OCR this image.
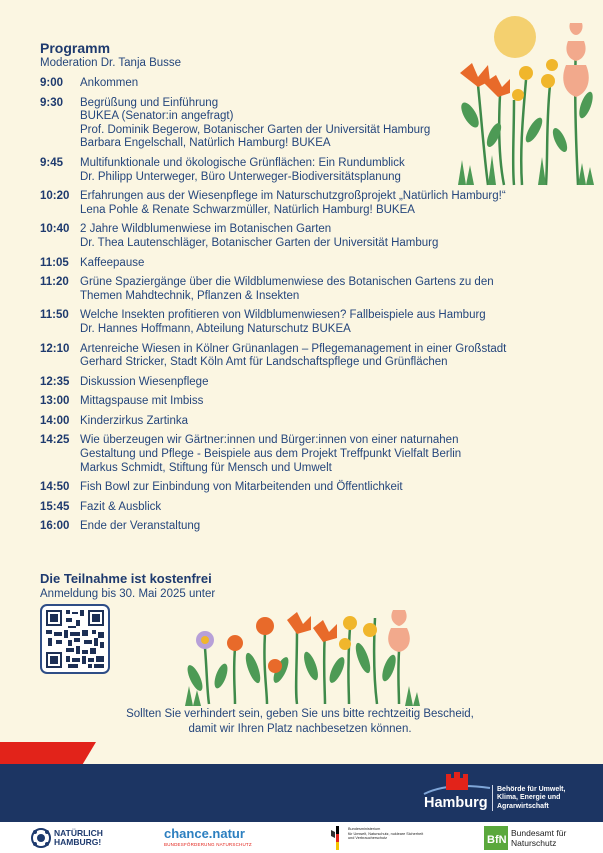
Programm
Moderation Dr. Tanja Busse
9:00	Ankommen
9:30	Begrüßung und Einführung
BUKEA (Senator:in angefragt)
Prof. Dominik Begerow, Botanischer Garten der Universität Hamburg
Barbara Engelschall, Natürlich Hamburg! BUKEA
9:45	Multifunktionale und ökologische Grünflächen: Ein Rundumblick
Dr. Philipp Unterweger, Büro Unterweger-Biodiversitätsplanung
10:20 Erfahrungen aus der Wiesenpflege im Naturschutzgroßprojekt „Natürlich Hamburg!“
Lena Pohle & Renate Schwarzmüller, Natürlich Hamburg! BUKEA
10:40 2 Jahre Wildblumenwiese im Botanischen Garten
Dr. Thea Lautenschläger, Botanischer Garten der Universität Hamburg
11:05 Kaffeepause
11:20 Grüne Spaziergänge über die Wildblumenwiese des Botanischen Gartens zu den
Themen Mahdtechnik, Pflanzen & Insekten
11:50 Welche Insekten profitieren von Wildblumenwiesen? Fallbeispiele aus Hamburg
Dr. Hannes Hoffmann, Abteilung Naturschutz BUKEA
12:10 Artenreiche Wiesen in Kölner Grünanlagen – Pflegemanagement in einer Großstadt
Gerhard Stricker, Stadt Köln Amt für Landschaftspflege und Grünflächen
12:35 Diskussion Wiesenpflege
13:00 Mittagspause mit Imbiss
14:00 Kinderzirkus Zartinka
14:25 Wie überzeugen wir Gärtner:innen und Bürger:innen von einer naturnahen
Gestaltung und Pflege - Beispiele aus dem Projekt Treffpunkt Vielfalt Berlin
Markus Schmidt, Stiftung für Mensch und Umwelt
14:50 Fish Bowl zur Einbindung von Mitarbeitenden und Öffentlichkeit
15:45 Fazit & Ausblick
16:00 Ende der Veranstaltung
Die Teilnahme ist kostenfrei
Anmeldung bis 30. Mai 2025 unter
Sollten Sie verhindert sein, geben Sie uns bitte rechtzeitig Bescheid,
damit wir Ihren Platz nachbesetzen können.
Hamburg
Behörde für Umwelt,
Klima, Energie und
Agrarwirtschaft
NATÜRLICH
HAMBURG!
chance.natur
BUNDESFÖRDERUNG NATURSCHUTZ
Bundesministerium
für Umwelt, Naturschutz, nukleare Sicherheit
und Verbraucherschutz	BfN
Bundesamt für
Naturschutz
